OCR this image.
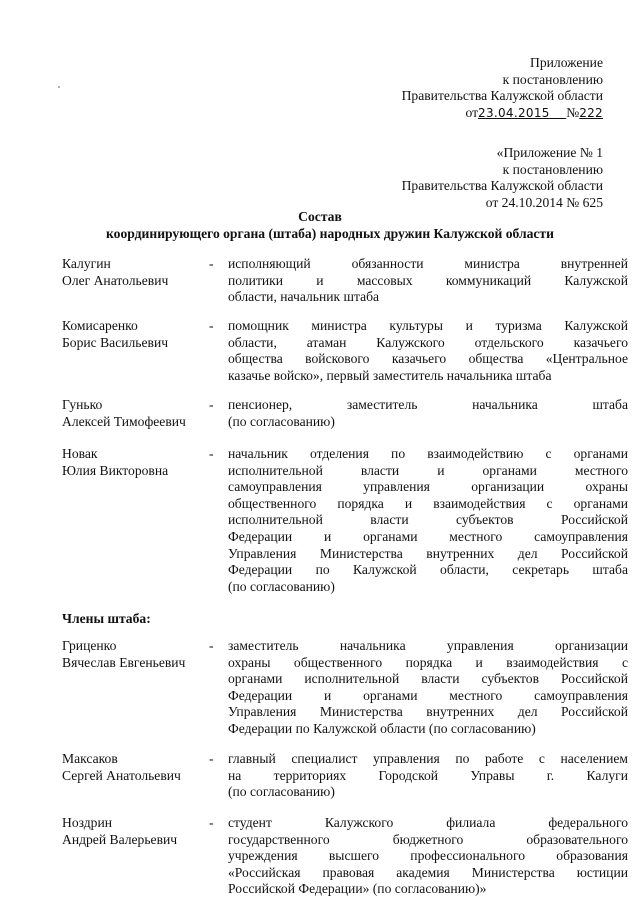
Приложение
к постановлению
Правительства Калужской области
от23.04.2015 №222
«Приложение № 1
к постановлению
Правительства Калужской области
от 24.10.2014 № 625
Состав
координирующего органа (штаба) народных дружин Калужской области
Калугин
Олег Анатольевич
- исполняющий обязанности министра внутренней
политики и массовых коммуникаций Калужской
области, начальник штаба
Комисаренко
Борис Васильевич
- помощник министра культуры и туризма Калужской
области, атаман Калужского отдельского казачьего
общества войскового казачьего общества «Центральное
казачье войско», первый заместитель начальника штаба
Гунько
Алексей Тимофеевич
- пенсионер, заместитель начальника штаба
(по согласованию)
Новак
Юлия Викторовна
- начальник отделения по взаимодействию с органами
исполнительной власти и органами местного
самоуправления управления организации охраны
общественного порядка и взаимодействия с органами
исполнительной власти субъектов Российской
Федерации и органами местного самоуправления
Управления Министерства внутренних дел Российской
Федерации по Калужской области, секретарь штаба
(по согласованию)
Члены штаба:
Гриценко
Вячеслав Евгеньевич
- заместитель начальника управления организации
охраны общественного порядка и взаимодействия с
органами исполнительной власти субъектов Российской
Федерации и органами местного самоуправления
Управления Министерства внутренних дел Российской
Федерации по Калужской области (по согласованию)
Максаков
Сергей Анатольевич
- главный специалист управления по работе с населением
на территориях Городской Управы г. Калуги
(по согласованию)
Ноздрин
Андрей Валерьевич
- студент Калужского филиала федерального
государственного бюджетного образовательного
учреждения высшего профессионального образования
«Российская правовая академия Министерства юстиции
Российской Федерации» (по согласованию)»
